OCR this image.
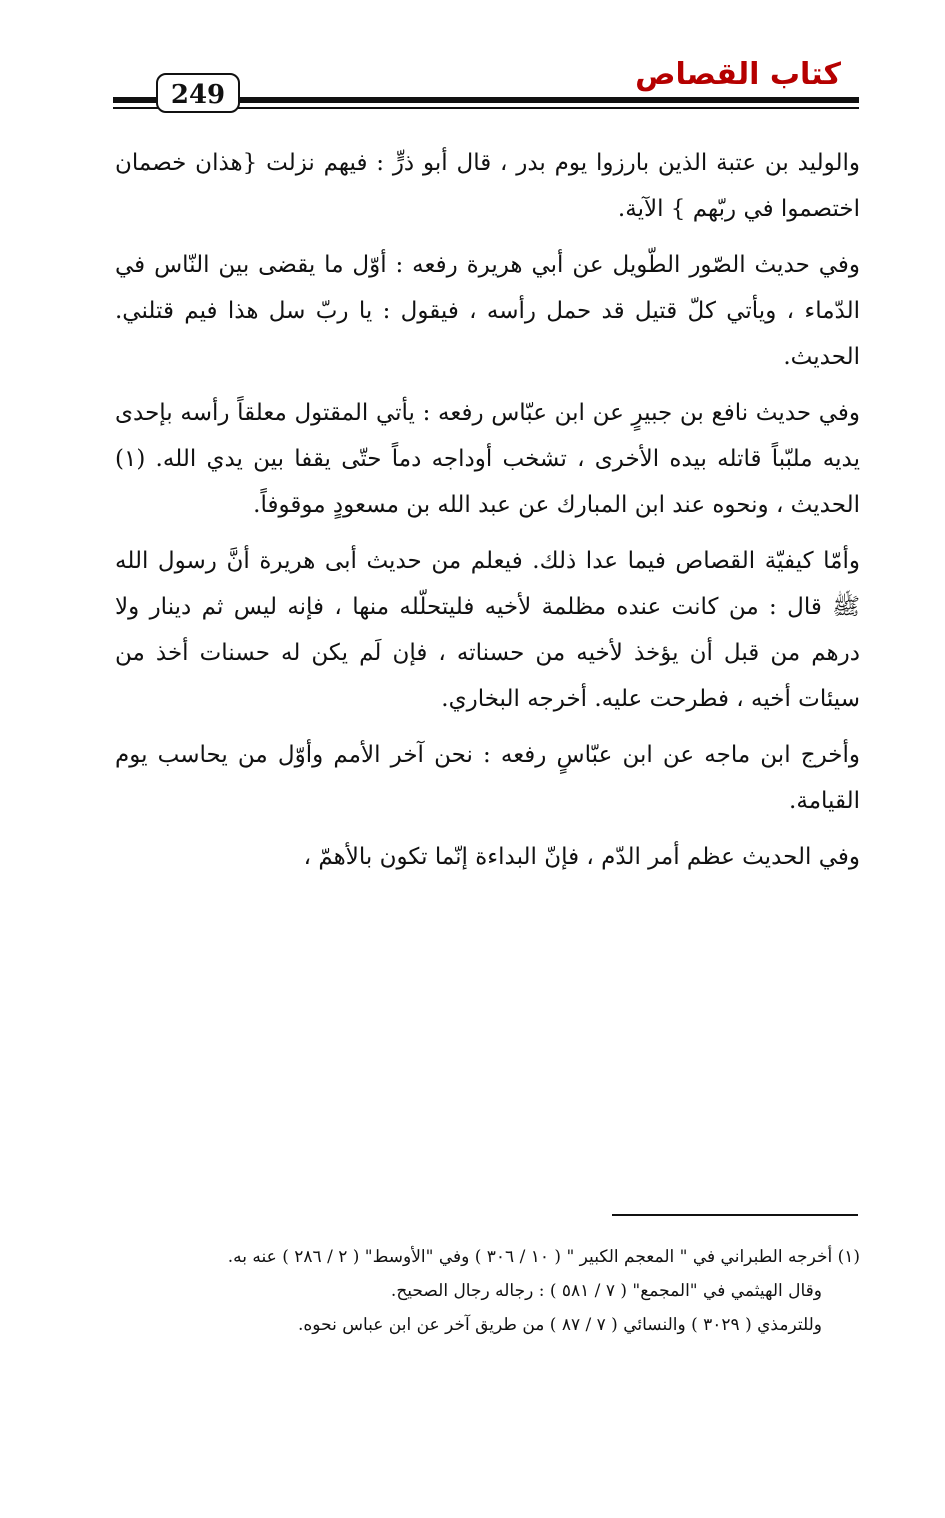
كتاب القصاص
249

والوليد بن عتبة الذين بارزوا يوم بدر ، قال أبو ذرٍّ : فيهم نزلت {هذان خصمان اختصموا في ربّهم } الآية.

وفي حديث الصّور الطّويل عن أبي هريرة رفعه : أوّل ما يقضى بين النّاس في الدّماء ، ويأتي كلّ قتيل قد حمل رأسه ، فيقول : يا ربّ سل هذا فيم قتلني. الحديث.

وفي حديث نافع بن جبيرٍ عن ابن عبّاس رفعه : يأتي المقتول معلقاً رأسه بإحدى يديه ملبّباً قاتله بيده الأخرى ، تشخب أوداجه دماً حتّى يقفا بين يدي الله. (١) الحديث ، ونحوه عند ابن المبارك عن عبد الله بن مسعودٍ موقوفاً.

وأمّا كيفيّة القصاص فيما عدا ذلك. فيعلم من حديث أبى هريرة أنَّ رسول الله ﷺ قال : من كانت عنده مظلمة لأخيه فليتحلّله منها ، فإنه ليس ثم دينار ولا درهم من قبل أن يؤخذ لأخيه من حسناته ، فإن لَم يكن له حسنات أخذ من سيئات أخيه ، فطرحت عليه. أخرجه البخاري.

وأخرج ابن ماجه عن ابن عبّاسٍ رفعه : نحن آخر الأمم وأوّل من يحاسب يوم القيامة.

وفي الحديث عظم أمر الدّم ، فإنّ البداءة إنّما تكون بالأهمّ ،

(١) أخرجه الطبراني في " المعجم الكبير " ( ١٠ / ٣٠٦ ) وفي "الأوسط" ( ٢ / ٢٨٦ ) عنه به.

وقال الهيثمي في "المجمع" ( ٧ / ٥٨١ ) : رجاله رجال الصحيح.

وللترمذي ( ٣٠٢٩ ) والنسائي ( ٧ / ٨٧ ) من طريق آخر عن ابن عباس نحوه.
